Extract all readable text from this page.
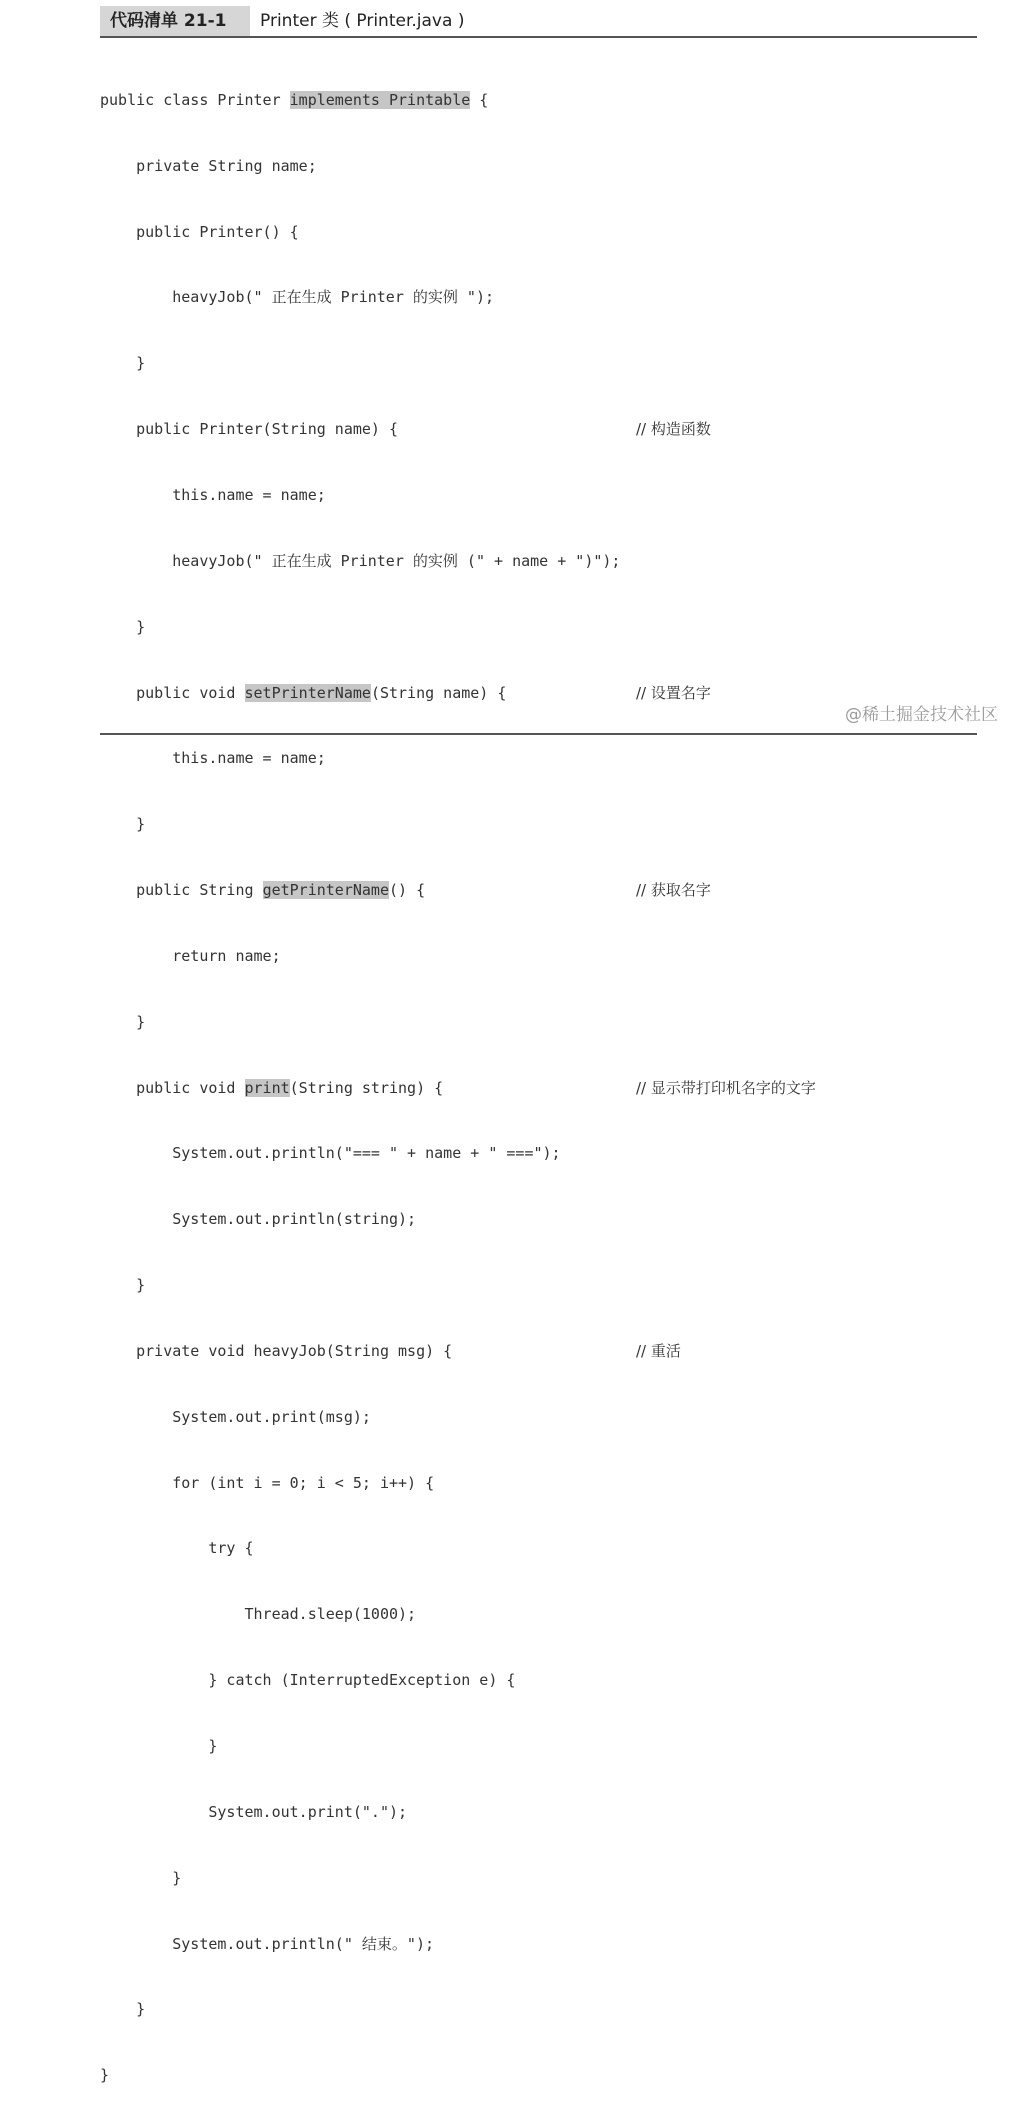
代码清单 21-1	Printer 类 ( Printer.java )

public class Printer implements Printable {

private String name;

public Printer() {

heavyJob(" 正在生成 Printer 的实例 ");

}

public Printer(String name) {	// 构造函数

this.name = name;

heavyJob(" 正在生成 Printer 的实例 (" + name + ")");

}

public void setPrinterName(String name) {	// 设置名字

this.name = name;

}

public String getPrinterName() {	// 获取名字

return name;

}

public void print(String string) {	// 显示带打印机名字的文字

System.out.println("=== " + name + " ===");

System.out.println(string);

}

private void heavyJob(String msg) {	// 重活

System.out.print(msg);

for (int i = 0; i < 5; i++) {

try {

Thread.sleep(1000);

} catch (InterruptedException e) {

}

System.out.print(".");

}

System.out.println(" 结束。");

}

}

@稀土掘金技术社区
